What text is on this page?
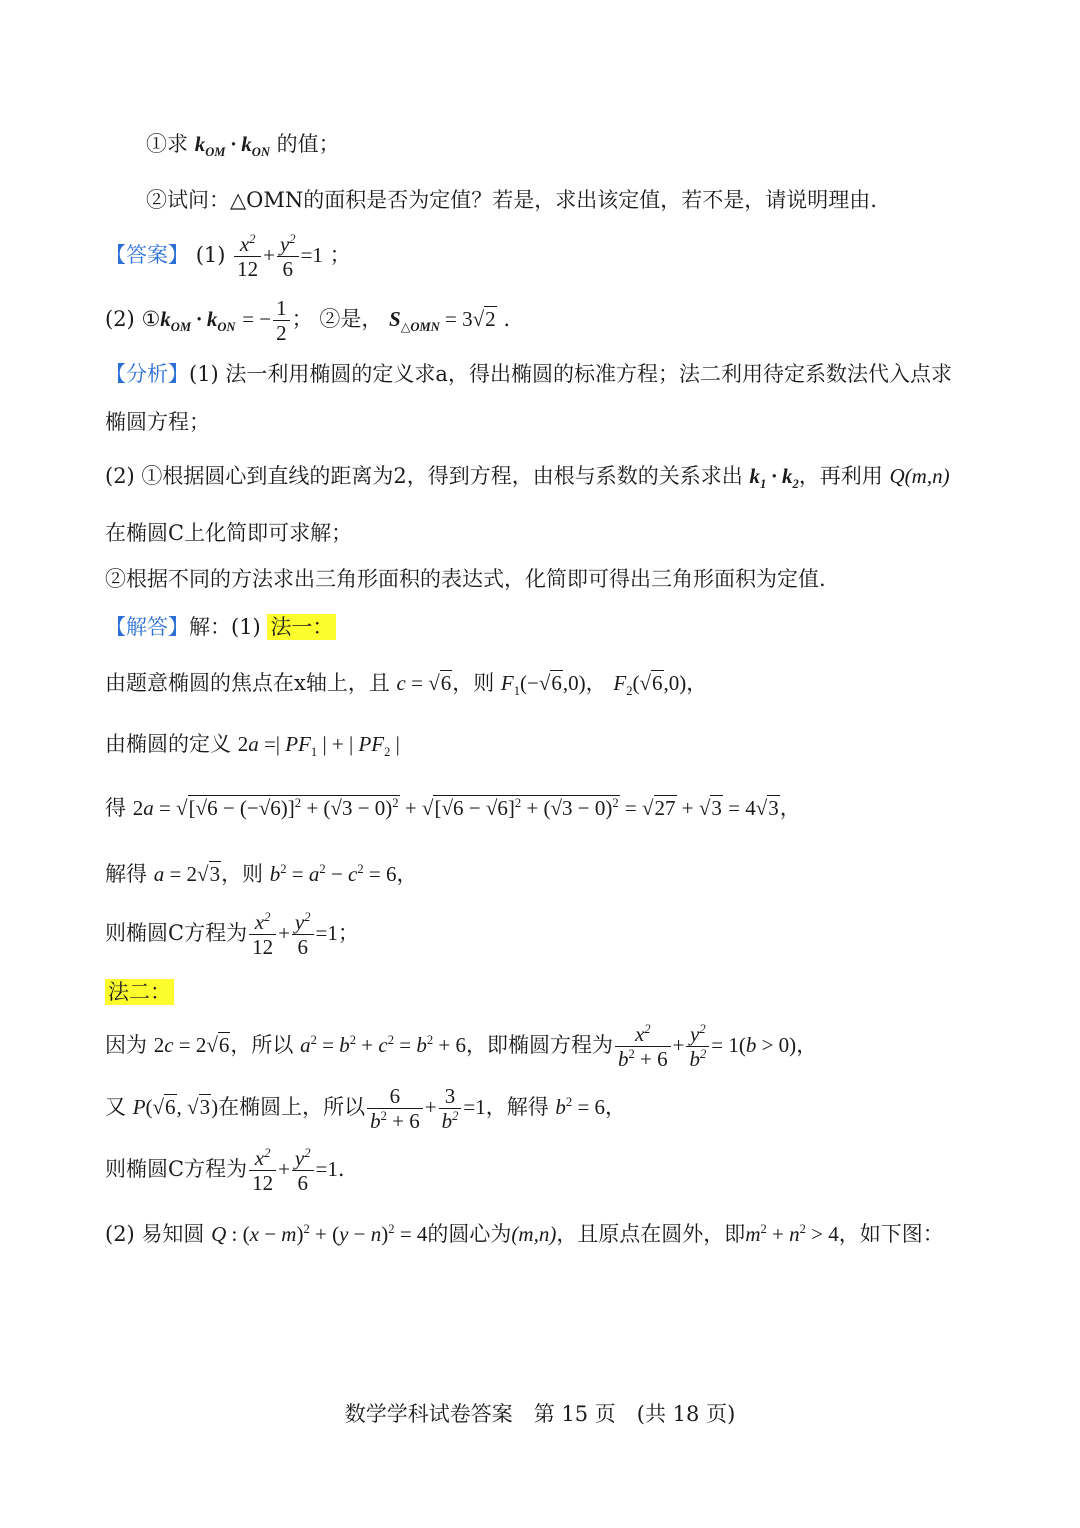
①求 $k_{OM} \cdot k_{ON}$ 的值；
②试问：△OMN的面积是否为定值？若是，求出该定值，若不是，请说明理由.
【答案】 $(1) \frac{x^2}{12} + \frac{y^2}{6} =1$ ；
(2) $①k_{OM} \cdot k_{ON}$ = − $\frac{1}{2}$ ； ②是， $S_{\triangle OMN} = 3√2$ .
【分析】(1) 法一利用椭圆的定义求a，得出椭圆的标准方程；法二利用待定系数法代入点求
椭圆方程；
(2) ①根据圆心到直线的距离为2，得到方程，由根与系数的关系求出 $k_1 \cdot k_2$，再利用 Q(m,n)
在椭圆C上化简即可求解；
②根据不同的方法求出三角形面积的表达式，化简即可得出三角形面积为定值.
【解答】解：(1) 法一：
由题意椭圆的焦点在x轴上，且 c = √6，则 $F_1(-√6,0)$， $F_2(√6,0)$，
由椭圆的定义 2a =| $PF_1$ | + | $PF_2$ |
得 $2a = √[√6 - (-√6)]^2 + (√3 - 0)^2 + √[√6 - √6]^2 + (√3 - 0)^2 = √27 + √3 = 4√3$，
解得 a = 2√3，则 $b^2 = a^2 - c^2 = 6$，
则椭圆C方程为 $\frac{x^2}{12} + \frac{y^2}{6} =1$；
法二：
因为 2c = 2√6，所以 $a^2 = b^2 + c^2 = b^2 + 6$，即椭圆方程为 $\frac{x^2}{b^2 + 6} + \frac{y^2}{b^2} = 1(b > 0)$，
又 P(√6, √3)在椭圆上，所以 $\frac{6}{b^2 + 6} + \frac{3}{b^2} =1$，解得 $b^2 = 6$，
则椭圆C方程为 $\frac{x^2}{12} + \frac{y^2}{6} =1$.
(2) 易知圆 Q : $(x - m)^2 + (y - n)^2 = 4$的圆心为(m,n)，且原点在圆外，即$m^2 + n^2 > 4$，如下图：
数学学科试卷答案　第 15 页　(共 18 页)
